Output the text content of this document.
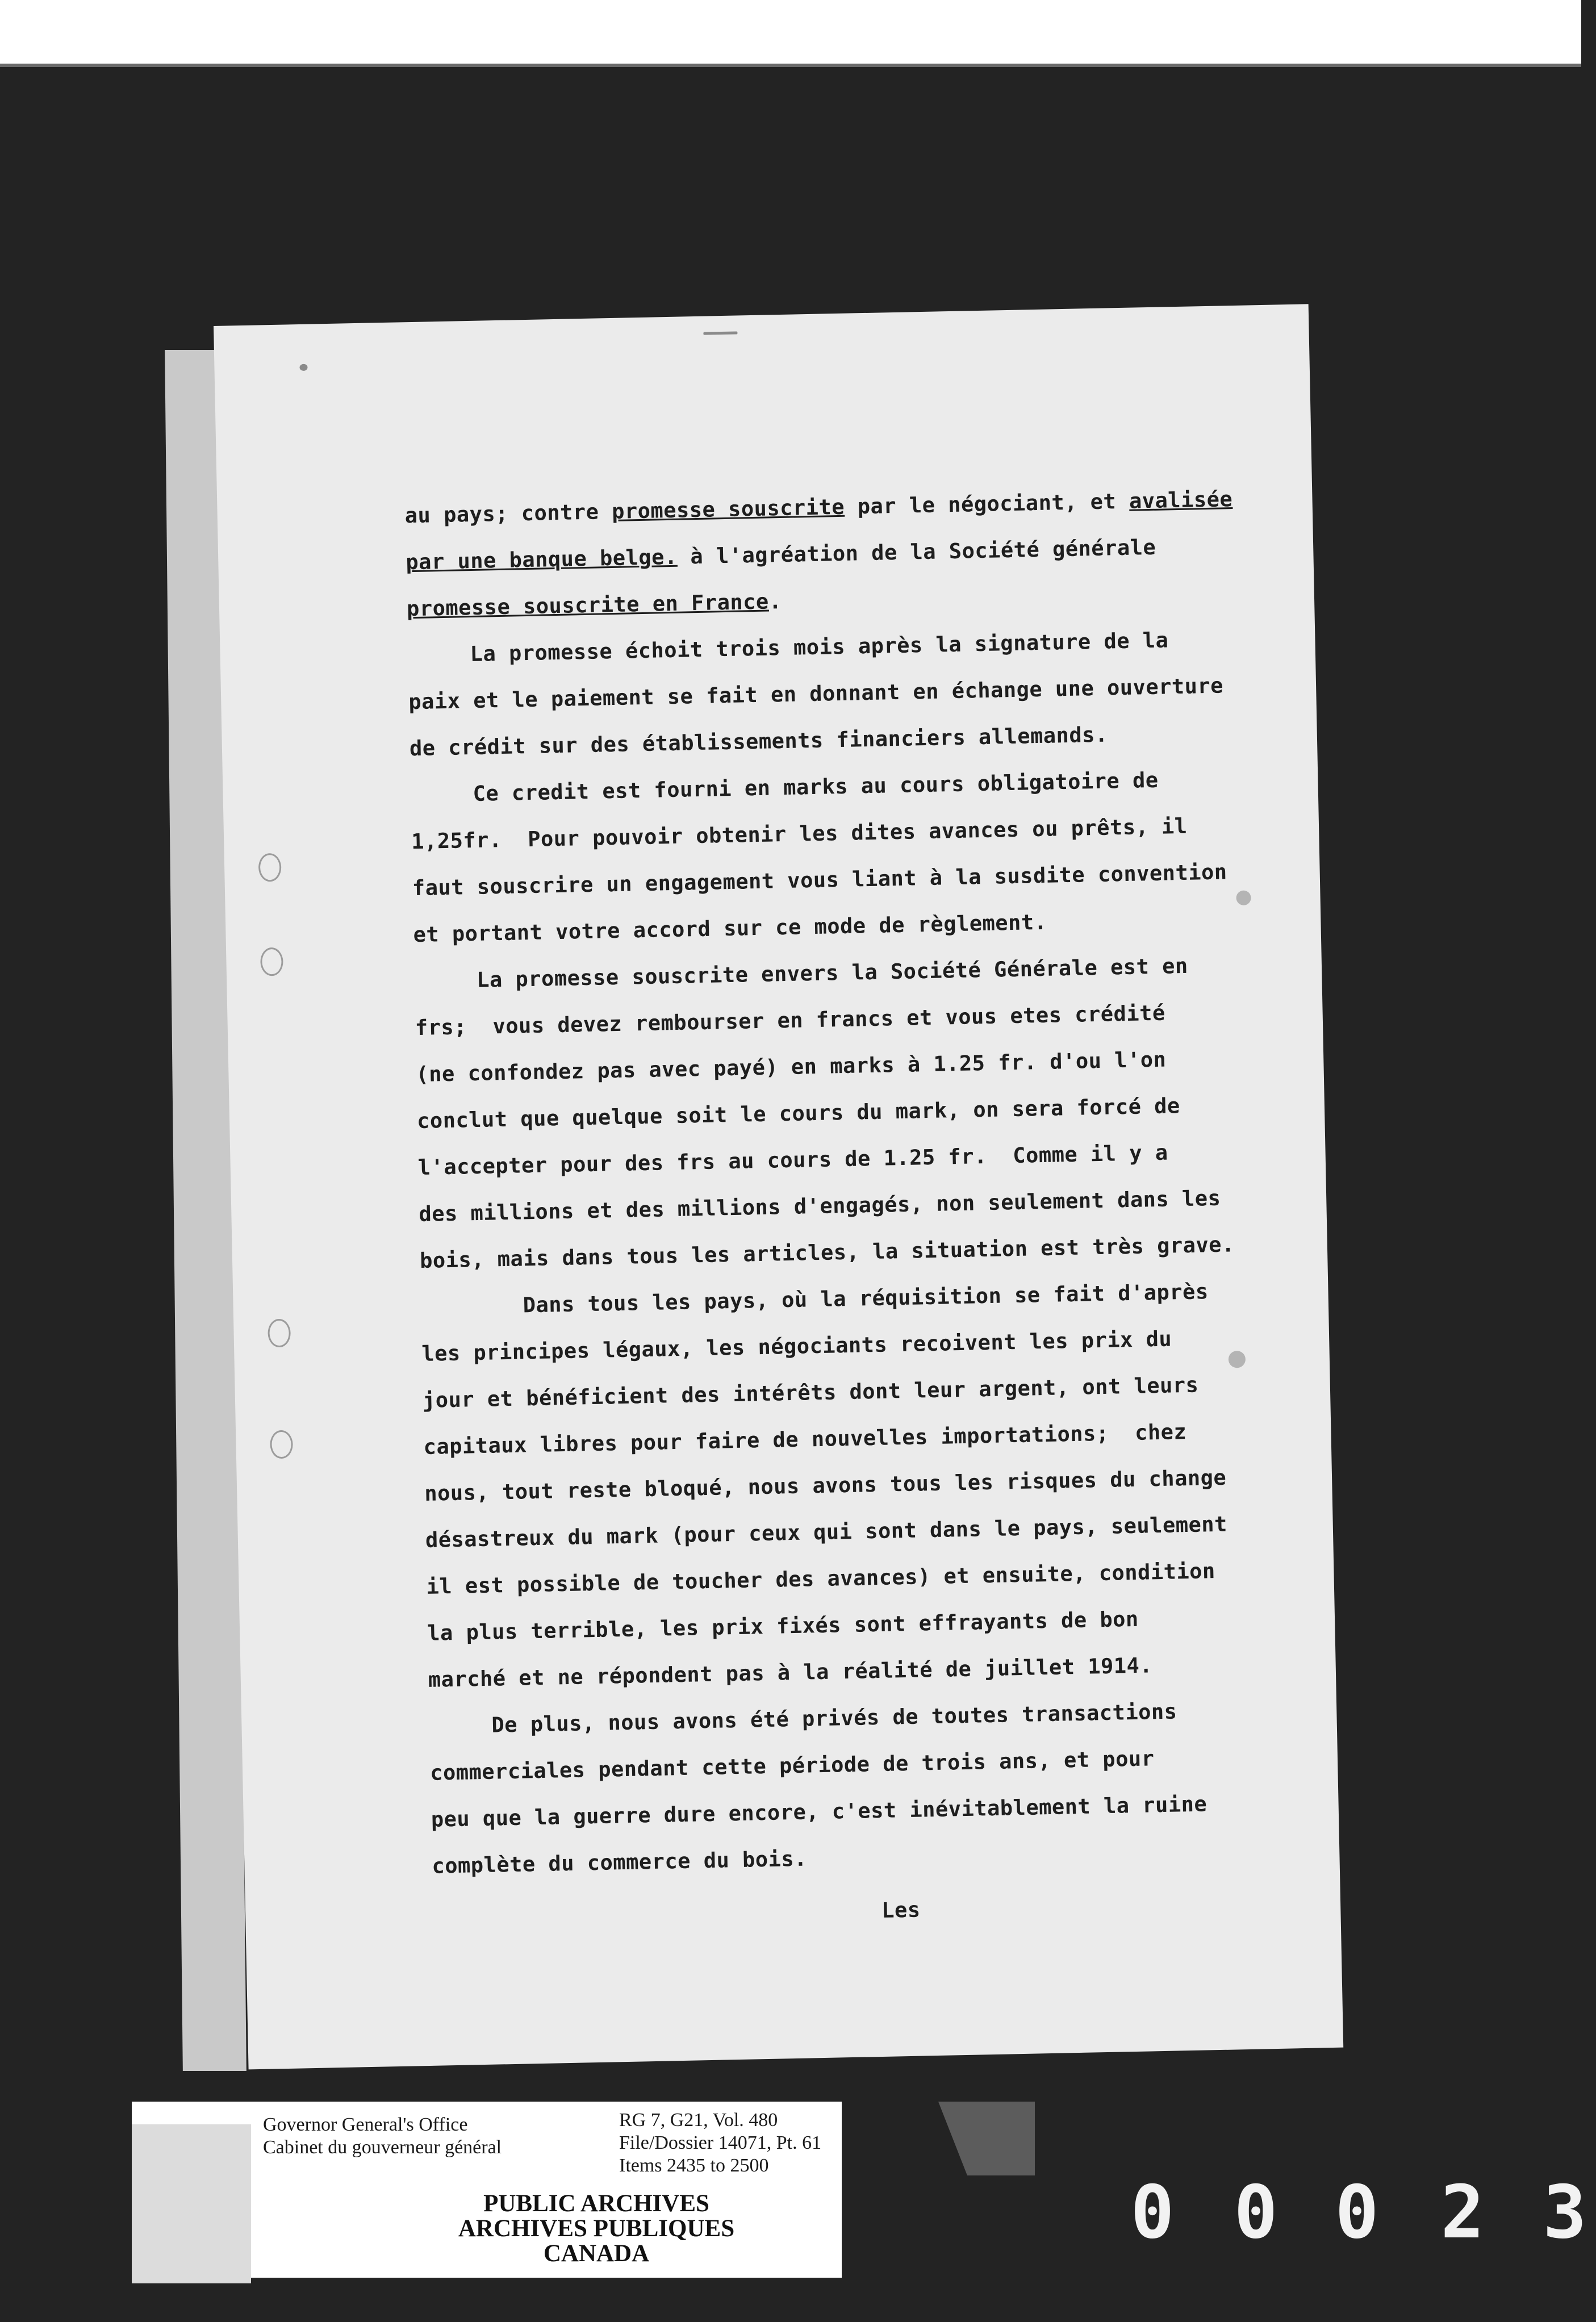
au pays; contre promesse souscrite par le négociant, et avalisée
par une banque belge. à l'agréation de la Société générale
promesse souscrite en France.
La promesse échoit trois mois après la signature de la
paix et le paiement se fait en donnant en échange une ouverture
de crédit sur des établissements financiers allemands.
Ce credit est fourni en marks au cours obligatoire de
1,25fr.  Pour pouvoir obtenir les dites avances ou prêts, il
faut souscrire un engagement vous liant à la susdite convention
et portant votre accord sur ce mode de règlement.
La promesse souscrite envers la Société Générale est en
frs;  vous devez rembourser en francs et vous etes crédité
(ne confondez pas avec payé) en marks à 1.25 fr. d'ou l'on
conclut que quelque soit le cours du mark, on sera forcé de
l'accepter pour des frs au cours de 1.25 fr.  Comme il y a
des millions et des millions d'engagés, non seulement dans les
bois, mais dans tous les articles, la situation est très grave.
Dans tous les pays, où la réquisition se fait d'après
les principes légaux, les négociants recoivent les prix du
jour et bénéficient des intérêts dont leur argent, ont leurs
capitaux libres pour faire de nouvelles importations;  chez
nous, tout reste bloqué, nous avons tous les risques du change
désastreux du mark (pour ceux qui sont dans le pays, seulement
il est possible de toucher des avances) et ensuite, condition
la plus terrible, les prix fixés sont effrayants de bon
marché et ne répondent pas à la réalité de juillet 1914.
De plus, nous avons été privés de toutes transactions
commerciales pendant cette période de trois ans, et pour
peu que la guerre dure encore, c'est inévitablement la ruine
complète du commerce du bois.
Les
Governor General's Office
Cabinet du gouverneur général
RG 7, G21, Vol. 480
File/Dossier 14071, Pt. 61
Items 2435 to 2500
PUBLIC ARCHIVES
ARCHIVES PUBLIQUES
CANADA	0 0 0 2 3
